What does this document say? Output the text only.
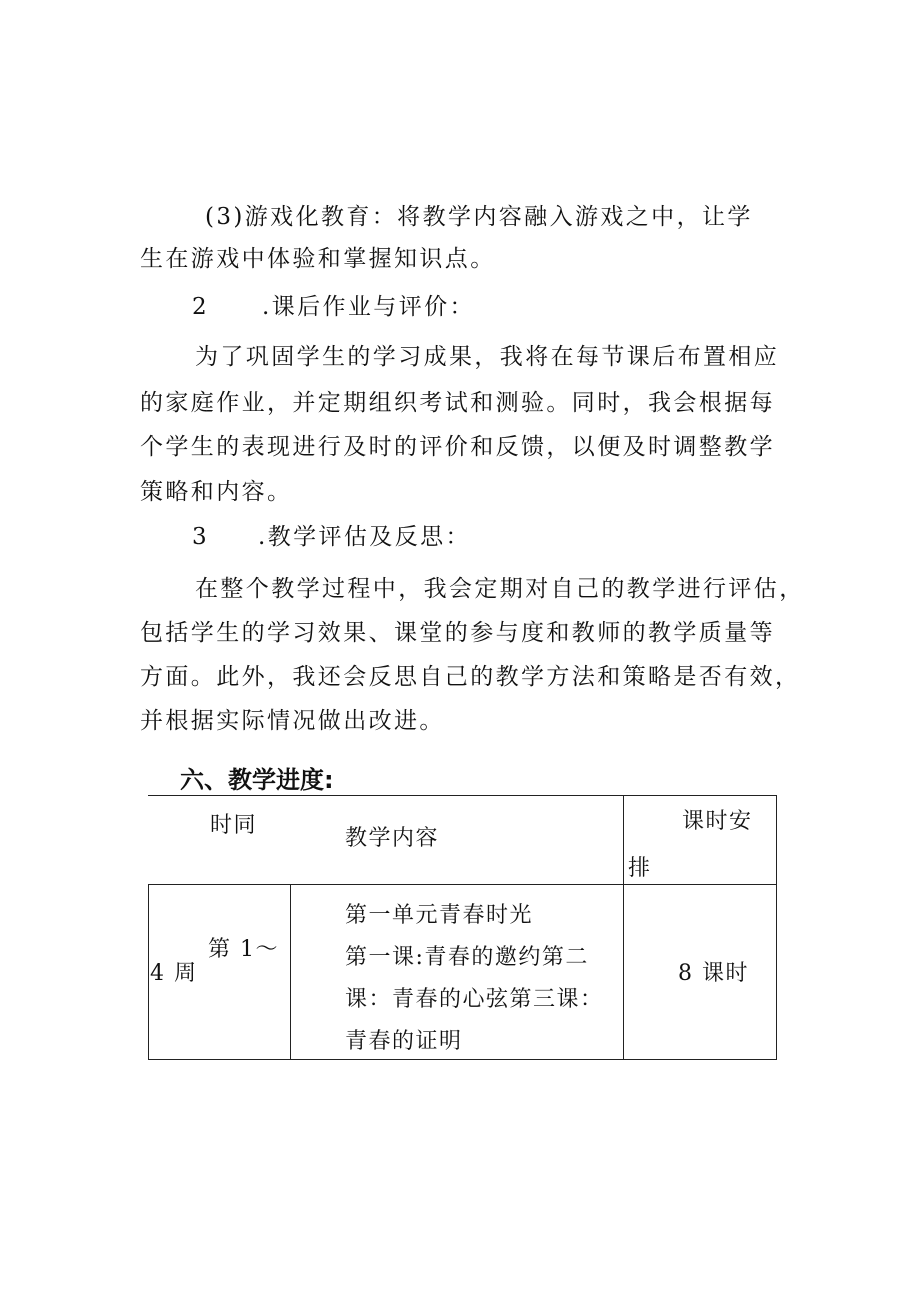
(3)游戏化教育：将教学内容融入游戏之中，让学
生在游戏中体验和掌握知识点。
2 .课后作业与评价：
为了巩固学生的学习成果，我将在每节课后布置相应
的家庭作业，并定期组织考试和测验。同时，我会根据每
个学生的表现进行及时的评价和反馈，以便及时调整教学
策略和内容。
3 .教学评估及反思：
在整个教学过程中，我会定期对自己的教学进行评估，
包括学生的学习效果、课堂的参与度和教师的教学质量等
方面。此外，我还会反思自己的教学方法和策略是否有效，
并根据实际情况做出改进。
六、教学进度:
时同
教学内容
课时安
排
第 1～
4 周
第一单元青春时光
第一课:青春的邀约第二
课：青春的心弦第三课：
青春的证明
8 课时
